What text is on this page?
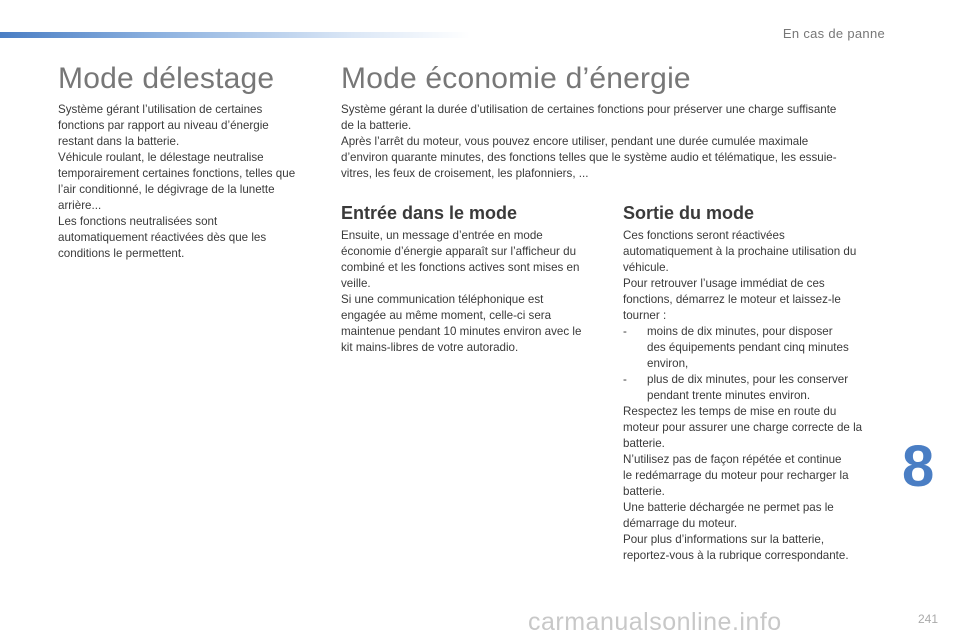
En cas de panne
Mode délestage Mode économie d’énergie

Système gérant l’utilisation de certaines

fonctions par rapport au niveau d’énergie

restant dans la batterie.

Véhicule roulant, le délestage neutralise

temporairement certaines fonctions, telles que

l’air conditionné, le dégivrage de la lunette

arrière...

Les fonctions neutralisées sont

automatiquement réactivées dès que les

conditions le permettent.

Système gérant la durée d’utilisation de certaines fonctions pour préserver une charge suffisante

de la batterie.

Après l’arrêt du moteur, vous pouvez encore utiliser, pendant une durée cumulée maximale

d’environ quarante minutes, des fonctions telles que le système audio et télématique, les essuie-

vitres, les feux de croisement, les plafonniers, ...

Entrée dans le mode	Sortie du mode

Ensuite, un message d’entrée en mode

économie d’énergie apparaît sur l’afficheur du

combiné et les fonctions actives sont mises en

veille.

Si une communication téléphonique est

engagée au même moment, celle-ci sera

maintenue pendant 10 minutes environ avec le

kit mains-libres de votre autoradio.

Ces fonctions seront réactivées

automatiquement à la prochaine utilisation du

véhicule.

Pour retrouver l’usage immédiat de ces

fonctions, démarrez le moteur et laissez-le

tourner :

-	moins de dix minutes, pour disposer

des équipements pendant cinq minutes

environ,

-	plus de dix minutes, pour les conserver

pendant trente minutes environ.

Respectez les temps de mise en route du

moteur pour assurer une charge correcte de la

batterie.

N’utilisez pas de façon répétée et continue

le redémarrage du moteur pour recharger la

batterie.

Une batterie déchargée ne permet pas le

démarrage du moteur.

Pour plus d’informations sur la batterie,

reportez-vous à la rubrique correspondante.

8
241
carmanualsonline.info
